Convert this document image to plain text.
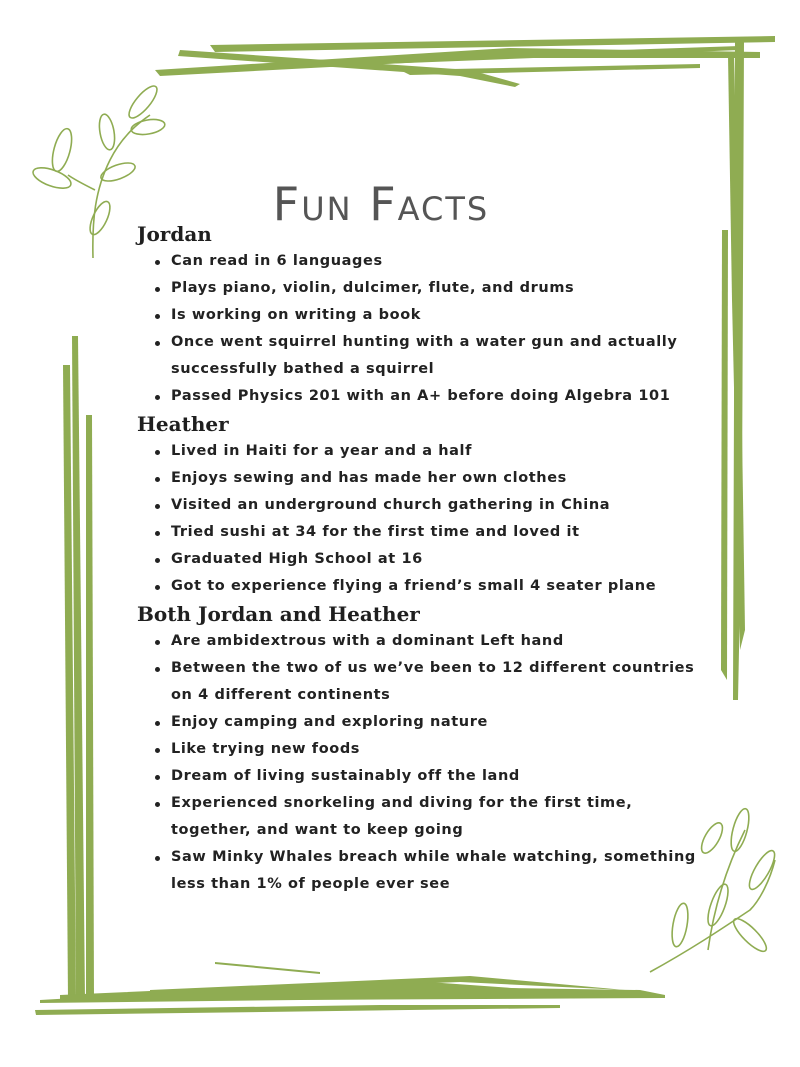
Fun Facts
Jordan
Can read in 6 languages
Plays piano, violin, dulcimer, flute, and drums
Is working on writing a book
Once went squirrel hunting with a water gun and actually successfully bathed a squirrel
Passed Physics 201 with an A+ before doing Algebra 101
Heather
Lived in Haiti for a year and a half
Enjoys sewing and has made her own clothes
Visited an underground church gathering in China
Tried sushi at 34 for the first time and loved it
Graduated High School at 16
Got to experience flying a friend’s small 4 seater plane
Both Jordan and Heather
Are ambidextrous with a dominant Left hand
Between the two of us we’ve been to 12 different countries on 4 different continents
Enjoy camping and exploring nature
Like trying new foods
Dream of living sustainably off the land
Experienced snorkeling and diving for the first time, together, and want to keep going
Saw Minky Whales breach while whale watching, something less than 1% of people ever see
